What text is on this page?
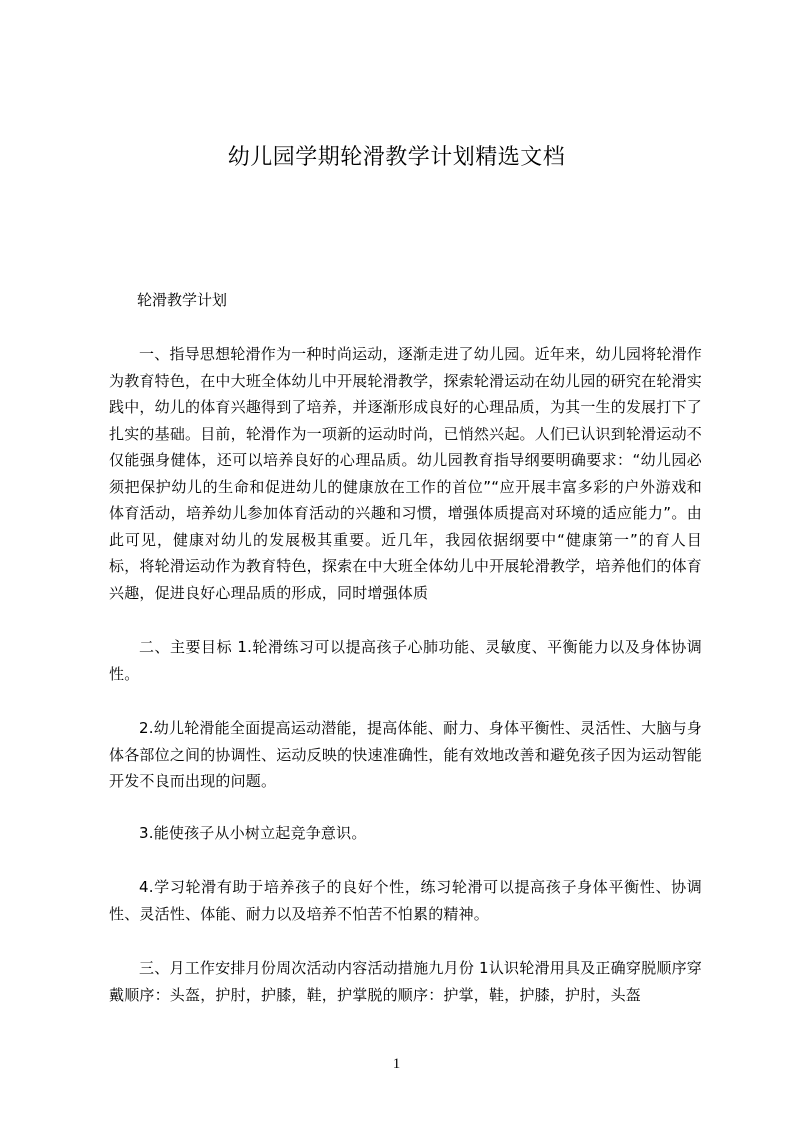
幼儿园学期轮滑教学计划精选文档

轮滑教学计划

一、指导思想轮滑作为一种时尚运动，逐渐走进了幼儿园。近年来，幼儿园将轮滑作为教育特色，在中大班全体幼儿中开展轮滑教学，探索轮滑运动在幼儿园的研究在轮滑实践中，幼儿的体育兴趣得到了培养，并逐渐形成良好的心理品质，为其一生的发展打下了扎实的基础。目前，轮滑作为一项新的运动时尚，已悄然兴起。人们已认识到轮滑运动不仅能强身健体，还可以培养良好的心理品质。幼儿园教育指导纲要明确要求：“幼儿园必须把保护幼儿的生命和促进幼儿的健康放在工作的首位”“应开展丰富多彩的户外游戏和体育活动，培养幼儿参加体育活动的兴趣和习惯，增强体质提高对环境的适应能力”。由此可见，健康对幼儿的发展极其重要。近几年，我园依据纲要中“健康第一”的育人目标，将轮滑运动作为教育特色，探索在中大班全体幼儿中开展轮滑教学，培养他们的体育兴趣，促进良好心理品质的形成，同时增强体质

二、主要目标 1.轮滑练习可以提高孩子心肺功能、灵敏度、平衡能力以及身体协调性。

2.幼儿轮滑能全面提高运动潜能，提高体能、耐力、身体平衡性、灵活性、大脑与身体各部位之间的协调性、运动反映的快速准确性，能有效地改善和避免孩子因为运动智能开发不良而出现的问题。

3.能使孩子从小树立起竞争意识。

4.学习轮滑有助于培养孩子的良好个性，练习轮滑可以提高孩子身体平衡性、协调性、灵活性、体能、耐力以及培养不怕苦不怕累的精神。

三、月工作安排月份周次活动内容活动措施九月份 1认识轮滑用具及正确穿脱顺序穿戴顺序：头盔，护肘，护膝，鞋，护掌脱的顺序：护掌，鞋，护膝，护肘，头盔

1
